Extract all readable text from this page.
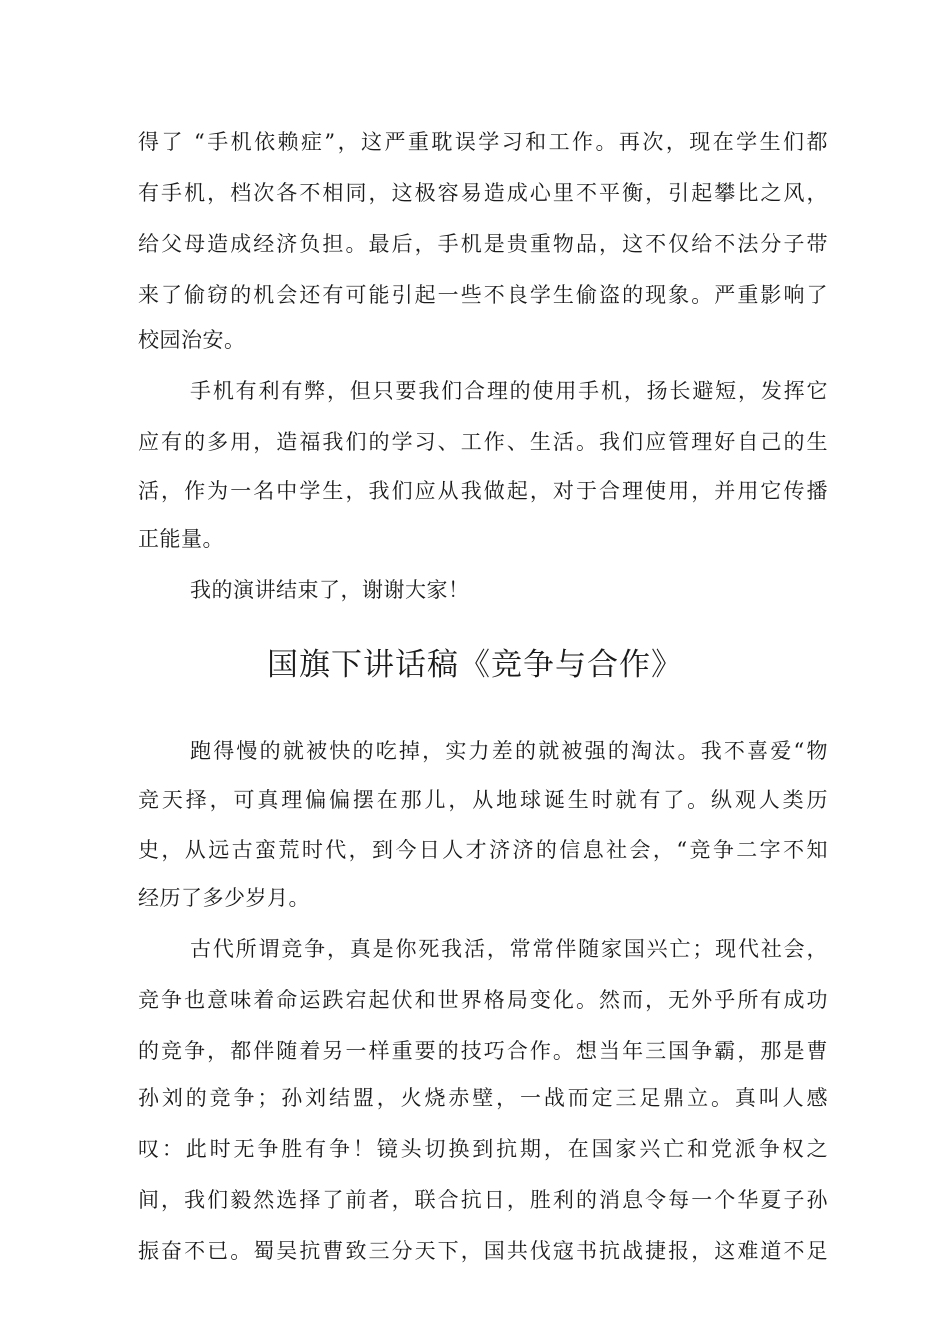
得了 “手机依赖症”，这严重耽误学习和工作。再次，现在学生们都
有手机，档次各不相同，这极容易造成心里不平衡，引起攀比之风，
给父母造成经济负担。最后，手机是贵重物品，这不仅给不法分子带
来了偷窃的机会还有可能引起一些不良学生偷盗的现象。严重影响了
校园治安。
手机有利有弊，但只要我们合理的使用手机，扬长避短，发挥它
应有的多用，造福我们的学习、工作、生活。我们应管理好自己的生
活，作为一名中学生，我们应从我做起，对于合理使用，并用它传播
正能量。
我的演讲结束了，谢谢大家！
国旗下讲话稿《竞争与合作》
跑得慢的就被快的吃掉，实力差的就被强的淘汰。我不喜爱“物
竞天择，可真理偏偏摆在那儿，从地球诞生时就有了。纵观人类历
史，从远古蛮荒时代，到今日人才济济的信息社会，“竞争二字不知
经历了多少岁月。
古代所谓竞争，真是你死我活，常常伴随家国兴亡；现代社会，
竞争也意味着命运跌宕起伏和世界格局变化。然而，无外乎所有成功
的竞争，都伴随着另一样重要的技巧合作。想当年三国争霸，那是曹
孙刘的竞争；孙刘结盟，火烧赤壁，一战而定三足鼎立。真叫人感
叹：此时无争胜有争！镜头切换到抗期，在国家兴亡和党派争权之
间，我们毅然选择了前者，联合抗日，胜利的消息令每一个华夏子孙
振奋不已。蜀吴抗曹致三分天下，国共伐寇书抗战捷报，这难道不足
